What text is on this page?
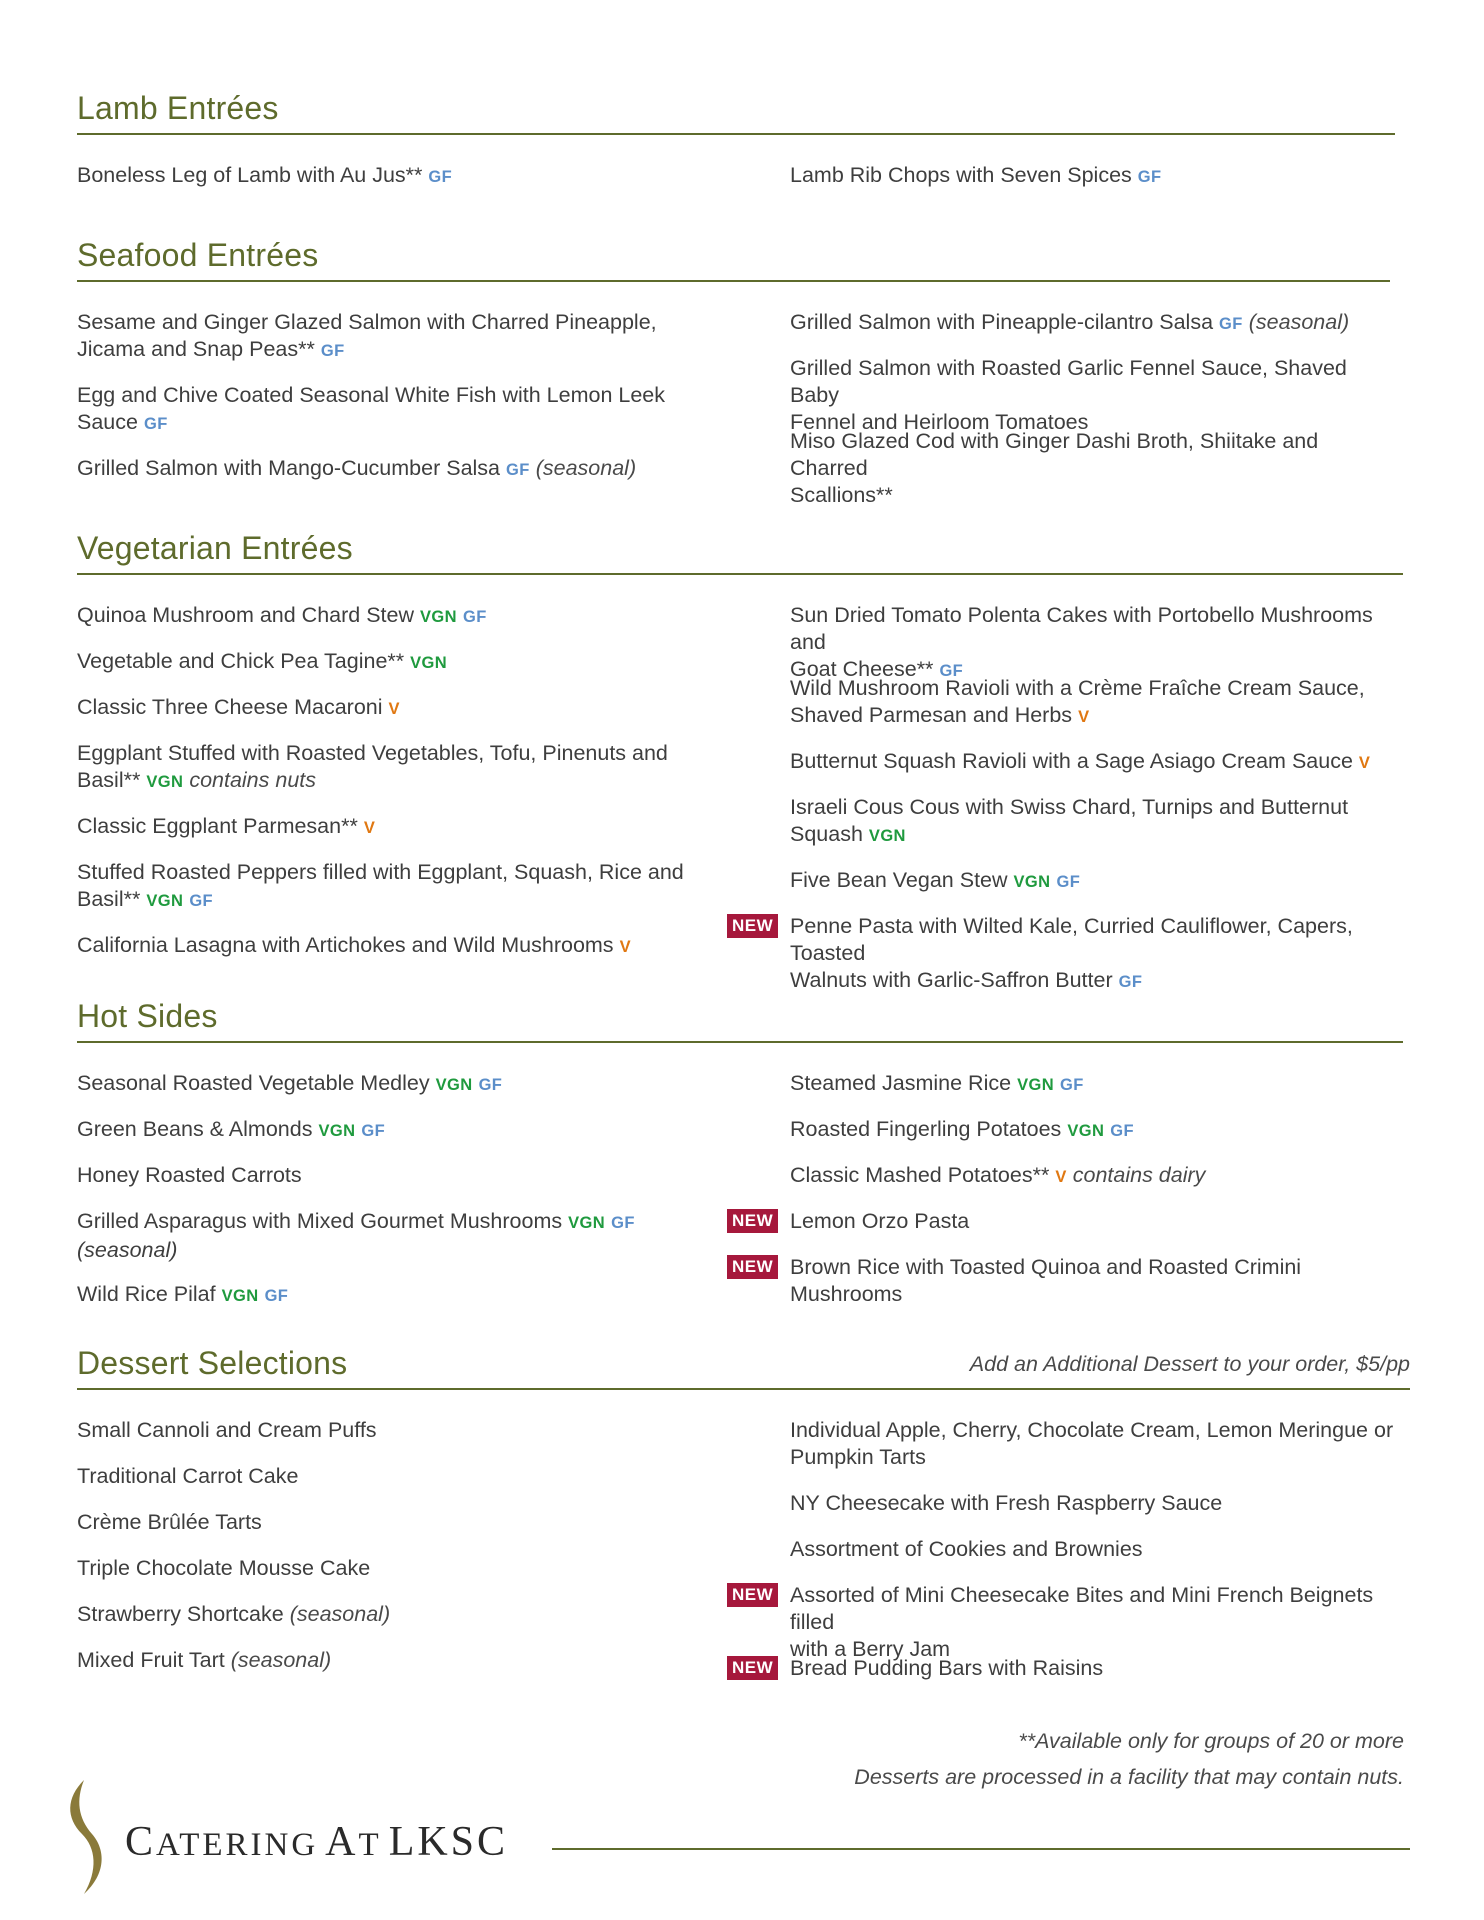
Lamb Entrées
Boneless Leg of Lamb with Au Jus** GF	Lamb Rib Chops with Seven Spices GF
Seafood Entrées
Sesame and Ginger Glazed Salmon with Charred Pineapple,
Jicama and Snap Peas** GF
Egg and Chive Coated Seasonal White Fish with Lemon Leek
Sauce GF
Grilled Salmon with Mango-Cucumber Salsa GF (seasonal)
Grilled Salmon with Pineapple-cilantro Salsa GF (seasonal)
Grilled Salmon with Roasted Garlic Fennel Sauce, Shaved Baby
Fennel and Heirloom Tomatoes
Miso Glazed Cod with Ginger Dashi Broth, Shiitake and Charred
Scallions**
Vegetarian Entrées
Quinoa Mushroom and Chard Stew VGN GF
Vegetable and Chick Pea Tagine** VGN
Classic Three Cheese Macaroni V
Eggplant Stuffed with Roasted Vegetables, Tofu, Pinenuts and
Basil** VGN contains nuts
Classic Eggplant Parmesan** V
Stuffed Roasted Peppers filled with Eggplant, Squash, Rice and
Basil** VGN GF
California Lasagna with Artichokes and Wild Mushrooms V
Sun Dried Tomato Polenta Cakes with Portobello Mushrooms and
Goat Cheese** GF
Wild Mushroom Ravioli with a Crème Fraîche Cream Sauce,
Shaved Parmesan and Herbs V
Butternut Squash Ravioli with a Sage Asiago Cream Sauce V
Israeli Cous Cous with Swiss Chard, Turnips and Butternut
Squash VGN
Five Bean Vegan Stew VGN GF
NEW Penne Pasta with Wilted Kale, Curried Cauliflower, Capers, Toasted
Walnuts with Garlic-Saffron Butter GF
Hot Sides
Seasonal Roasted Vegetable Medley VGN GF
Green Beans & Almonds VGN GF
Honey Roasted Carrots
Grilled Asparagus with Mixed Gourmet Mushrooms VGN GF
(seasonal)
Wild Rice Pilaf VGN GF
Steamed Jasmine Rice VGN GF
Roasted Fingerling Potatoes VGN GF
Classic Mashed Potatoes** V contains dairy
NEW Lemon Orzo Pasta
NEW Brown Rice with Toasted Quinoa and Roasted Crimini Mushrooms
Dessert Selections	Add an Additional Dessert to your order, $5/pp
Small Cannoli and Cream Puffs
Traditional Carrot Cake
Crème Brûlée Tarts
Triple Chocolate Mousse Cake
Strawberry Shortcake (seasonal)
Mixed Fruit Tart (seasonal)
Individual Apple, Cherry, Chocolate Cream, Lemon Meringue or
Pumpkin Tarts
NY Cheesecake with Fresh Raspberry Sauce
Assortment of Cookies and Brownies
NEW Assorted of Mini Cheesecake Bites and Mini French Beignets filled
with a Berry Jam
NEW Bread Pudding Bars with Raisins
**Available only for groups of 20 or more
Desserts are processed in a facility that may contain nuts.
CATERING AT LKSC
